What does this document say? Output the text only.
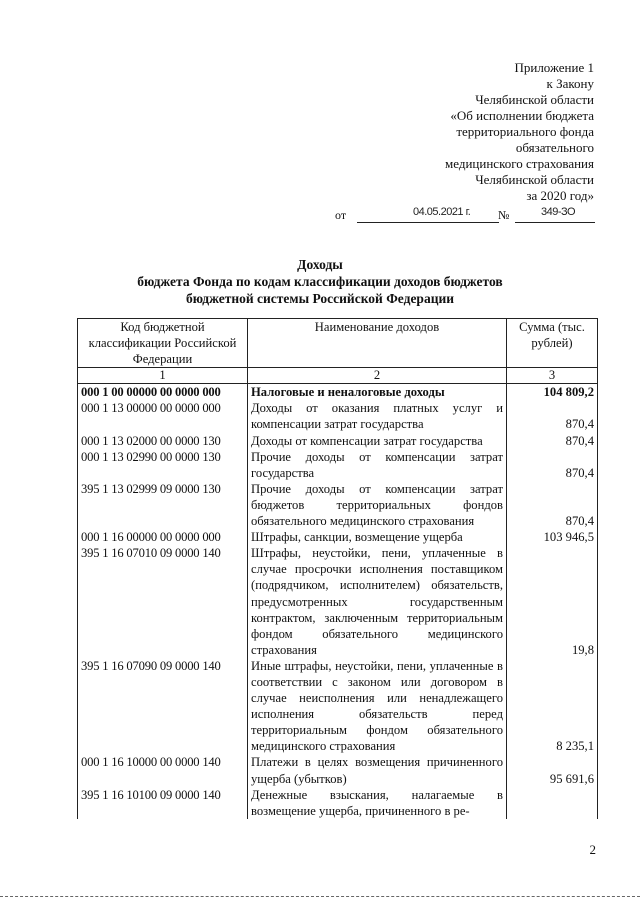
Приложение 1
к Закону
Челябинской области
«Об исполнении бюджета
территориального фонда
обязательного
медицинского страхования
Челябинской области
за 2020 год»
от	04.05.2021 г. №	349-ЗО
Доходы
бюджета Фонда по кодам классификации доходов бюджетов
бюджетной системы Российской Федерации
Код бюджетной классификации Российской Федерации	Наименование доходов	Сумма (тыс. рублей)
1	2	3
000 1 00 00000 00 0000 000	Налоговые и неналоговые доходы	104 809,2
000 1 13 00000 00 0000 000	Доходы от оказания платных услуг и компенсации затрат государства	870,4
000 1 13 02000 00 0000 130	Доходы от компенсации затрат государства	870,4
000 1 13 02990 00 0000 130	Прочие доходы от компенсации затрат государства	870,4
395 1 13 02999 09 0000 130	Прочие доходы от компенсации затрат бюджетов территориальных фондов обязательного медицинского страхования	870,4
000 1 16 00000 00 0000 000	Штрафы, санкции, возмещение ущерба	103 946,5
395 1 16 07010 09 0000 140	Штрафы, неустойки, пени, уплаченные в случае просрочки исполнения поставщиком (подрядчиком, исполнителем) обязательств, предусмотренных государственным контрактом, заключенным территориальным фондом обязательного медицинского страхования	19,8
395 1 16 07090 09 0000 140	Иные штрафы, неустойки, пени, уплаченные в соответствии с законом или договором в случае неисполнения или ненадлежащего исполнения обязательств перед территориальным фондом обязательного медицинского страхования	8 235,1
000 1 16 10000 00 0000 140	Платежи в целях возмещения причиненного ущерба (убытков)	95 691,6
395 1 16 10100 09 0000 140	Денежные взыскания, налагаемые в возмещение ущерба, причиненного в ре-	
2
